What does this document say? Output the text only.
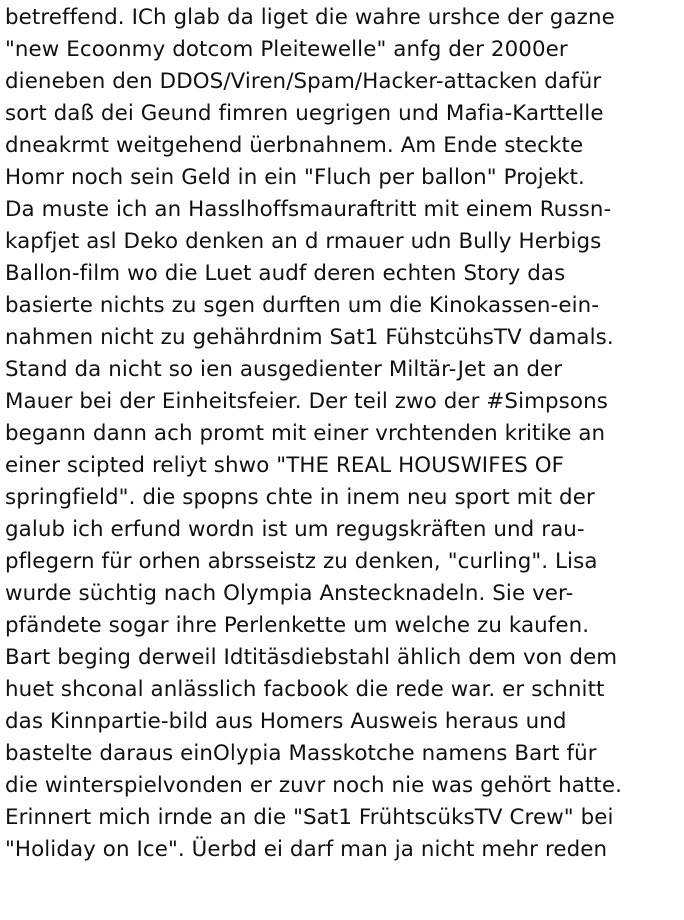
betreffend. ICh glab da liget die wahre urshce der gazne
"new Ecoonmy dotcom Pleitewelle" anfg der 2000er
dieneben den DDOS/Viren/Spam/Hacker-attacken dafür
sort daß dei Geund fimren uegrigen und Mafia-Karttelle
dneakrmt weitgehend üerbnahnem. Am Ende steckte
Homr noch sein Geld in ein "Fluch per ballon" Projekt.
Da muste ich an Hasslhoffsmauraftritt mit einem Russn-
kapfjet asl Deko denken an d rmauer udn Bully Herbigs
Ballon-film wo die Luet audf deren echten Story das
basierte nichts zu sgen durften um die Kinokassen-ein-
nahmen nicht zu gehährdnim Sat1 FühstcühsTV damals.
Stand da nicht so ien ausgedienter Miltär-Jet an der
Mauer bei der Einheitsfeier. Der teil zwo der #Simpsons
begann dann ach promt mit einer vrchtenden kritike an
einer scipted reliyt shwo "THE REAL HOUSWIFES OF
springfield". die spopns chte in inem neu sport mit der
galub ich erfund wordn ist um regugskräften und rau-
pflegern für orhen abrsseistz zu denken, "curling". Lisa
wurde süchtig nach Olympia Anstecknadeln. Sie ver-
pfändete sogar ihre Perlenkette um welche zu kaufen.
Bart beging derweil Idtitäsdiebstahl ählich dem von dem
huet shconal anlässlich facbook die rede war. er schnitt
das Kinnpartie-bild aus Homers Ausweis heraus und
bastelte daraus einOlypia Masskotche namens Bart für
die winterspielvonden er zuvr noch nie was gehört hatte.
Erinnert mich irnde an die "Sat1 FrühtscüksTV Crew" bei
"Holiday on Ice". Üerbd ei darf man ja nicht mehr reden
